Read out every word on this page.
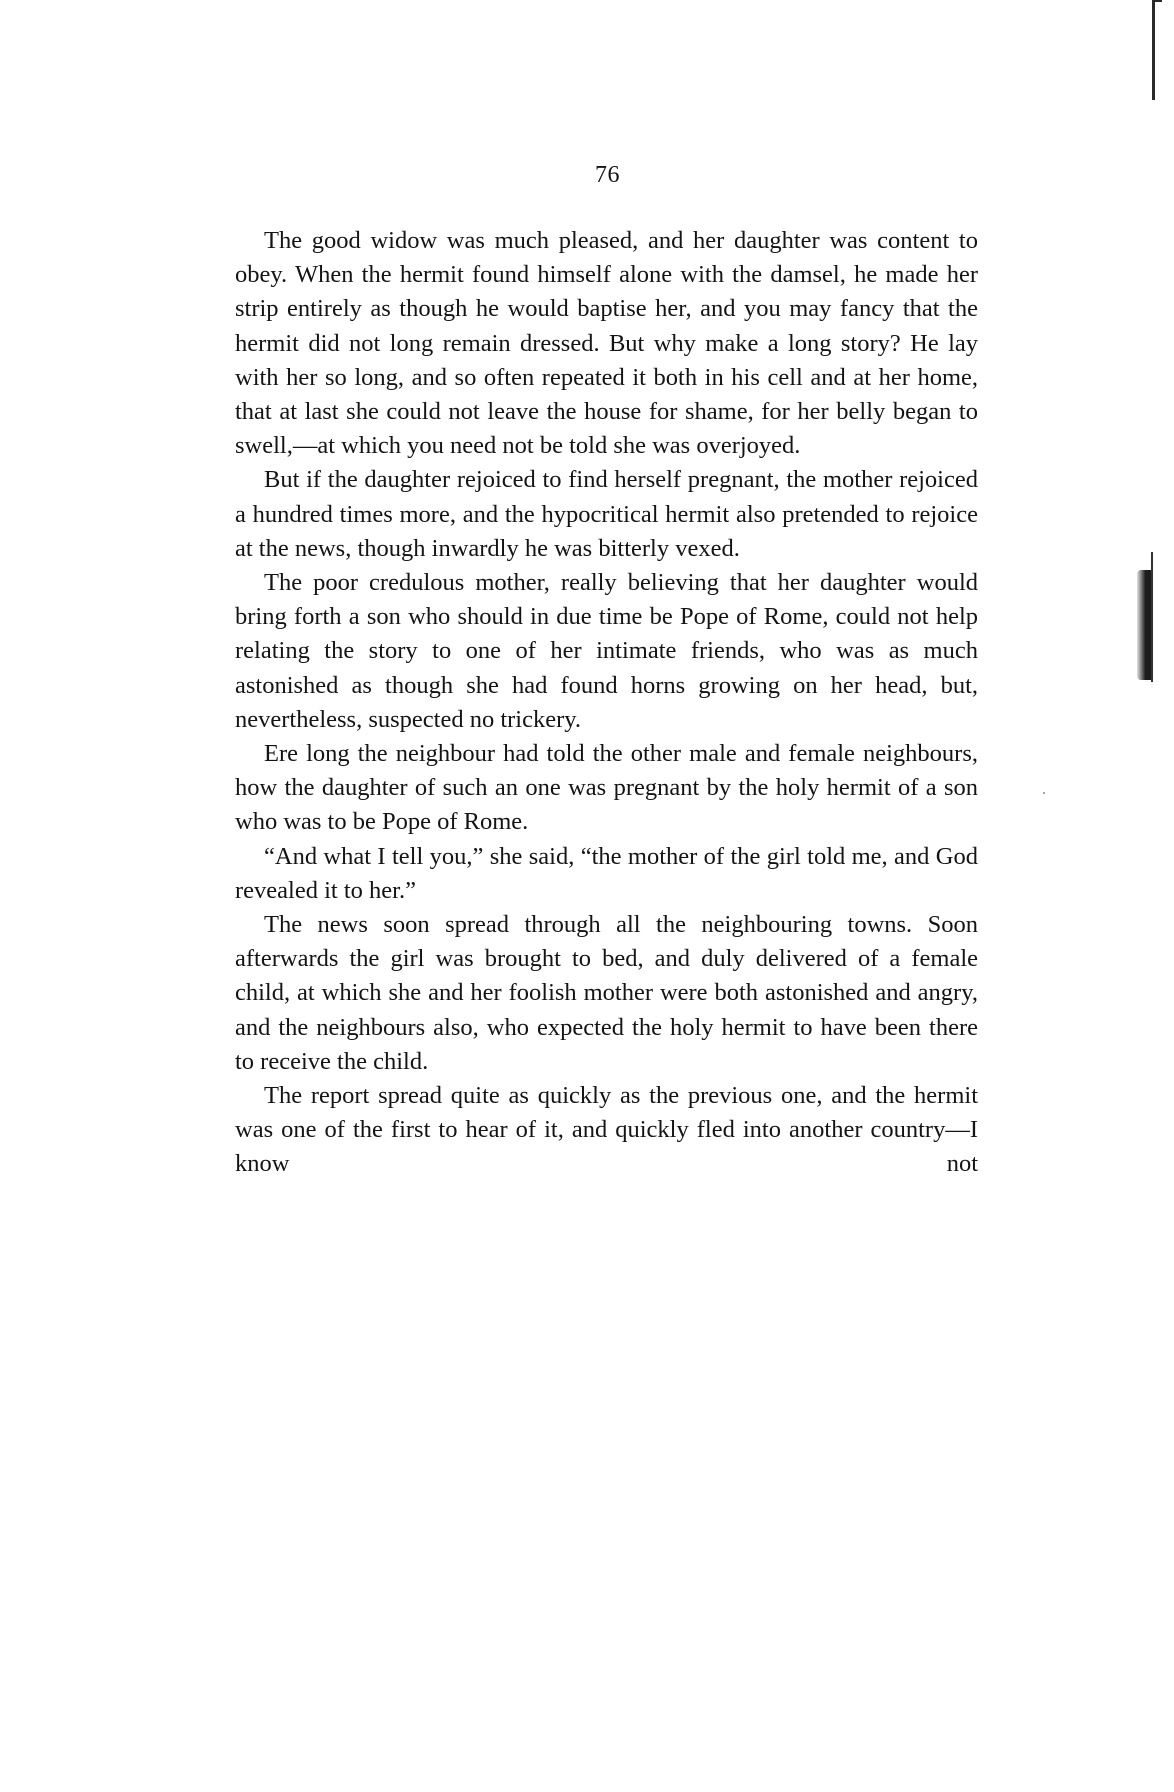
76

The good widow was much pleased, and her daughter was content to obey. When the hermit found himself alone with the damsel, he made her strip entirely as though he would baptise her, and you may fancy that the hermit did not long remain dressed. But why make a long story? He lay with her so long, and so often repeated it both in his cell and at her home, that at last she could not leave the house for shame, for her belly began to swell,—at which you need not be told she was overjoyed.

But if the daughter rejoiced to find herself pregnant, the mother rejoiced a hundred times more, and the hypocritical hermit also pretended to rejoice at the news, though inwardly he was bitterly vexed.

The poor credulous mother, really believing that her daughter would bring forth a son who should in due time be Pope of Rome, could not help relating the story to one of her intimate friends, who was as much astonished as though she had found horns growing on her head, but, nevertheless, suspected no trickery.

Ere long the neighbour had told the other male and female neighbours, how the daughter of such an one was pregnant by the holy hermit of a son who was to be Pope of Rome.

“And what I tell you,” she said, “the mother of the girl told me, and God revealed it to her.”

The news soon spread through all the neighbouring towns. Soon afterwards the girl was brought to bed, and duly delivered of a female child, at which she and her foolish mother were both astonished and angry, and the neighbours also, who expected the holy hermit to have been there to receive the child.

The report spread quite as quickly as the previous one, and the hermit was one of the first to hear of it, and quickly fled into another country—I know not
